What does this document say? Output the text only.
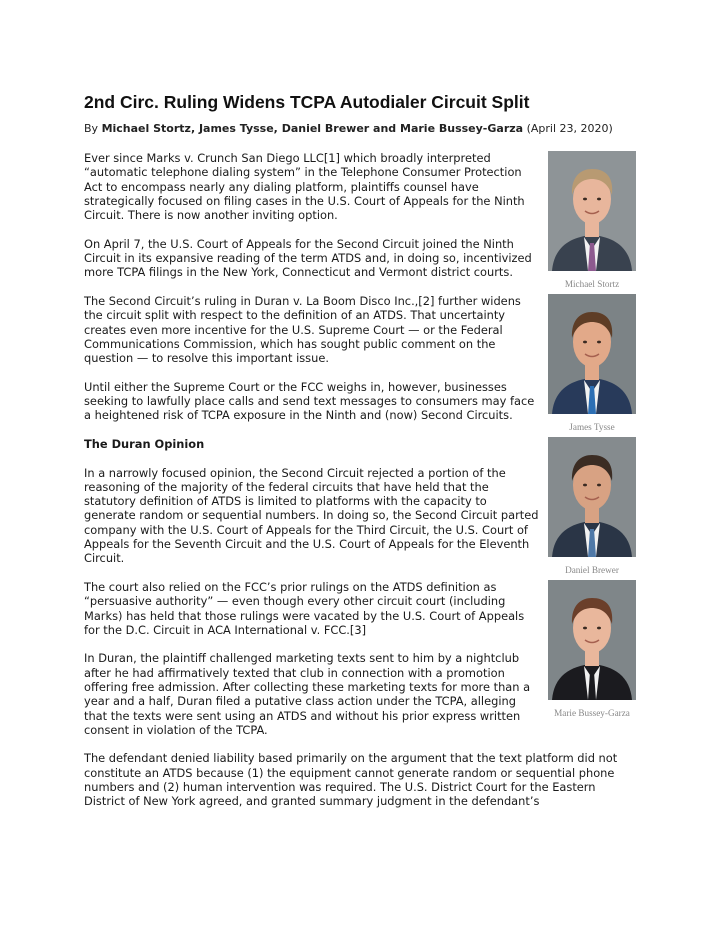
2nd Circ. Ruling Widens TCPA Autodialer Circuit Split
By Michael Stortz, James Tysse, Daniel Brewer and Marie Bussey-Garza (April 23, 2020)
Michael Stortz
James Tysse
Daniel Brewer
Marie Bussey-Garza

Ever since Marks v. Crunch San Diego LLC[1] which broadly interpreted “automatic telephone dialing system” in the Telephone Consumer Protection Act to encompass nearly any dialing platform, plaintiffs counsel have strategically focused on filing cases in the U.S. Court of Appeals for the Ninth Circuit. There is now another inviting option.

On April 7, the U.S. Court of Appeals for the Second Circuit joined the Ninth Circuit in its expansive reading of the term ATDS and, in doing so, incentivized more TCPA filings in the New York, Connecticut and Vermont district courts.

The Second Circuit’s ruling in Duran v. La Boom Disco Inc.,[2] further widens the circuit split with respect to the definition of an ATDS. That uncertainty creates even more incentive for the U.S. Supreme Court — or the Federal Communications Commission, which has sought public comment on the question — to resolve this important issue.

Until either the Supreme Court or the FCC weighs in, however, businesses seeking to lawfully place calls and send text messages to consumers may face a heightened risk of TCPA exposure in the Ninth and (now) Second Circuits.

The Duran Opinion

In a narrowly focused opinion, the Second Circuit rejected a portion of the reasoning of the majority of the federal circuits that have held that the statutory definition of ATDS is limited to platforms with the capacity to generate random or sequential numbers. In doing so, the Second Circuit parted company with the U.S. Court of Appeals for the Third Circuit, the U.S. Court of Appeals for the Seventh Circuit and the U.S. Court of Appeals for the Eleventh Circuit.

The court also relied on the FCC’s prior rulings on the ATDS definition as “persuasive authority” — even though every other circuit court (including Marks) has held that those rulings were vacated by the U.S. Court of Appeals for the D.C. Circuit in ACA International v. FCC.[3]

In Duran, the plaintiff challenged marketing texts sent to him by a nightclub after he had affirmatively texted that club in connection with a promotion offering free admission. After collecting these marketing texts for more than a year and a half, Duran filed a putative class action under the TCPA, alleging that the texts were sent using an ATDS and without his prior express written consent in violation of the TCPA.

The defendant denied liability based primarily on the argument that the text platform did not constitute an ATDS because (1) the equipment cannot generate random or sequential phone numbers and (2) human intervention was required. The U.S. District Court for the Eastern District of New York agreed, and granted summary judgment in the defendant’s
